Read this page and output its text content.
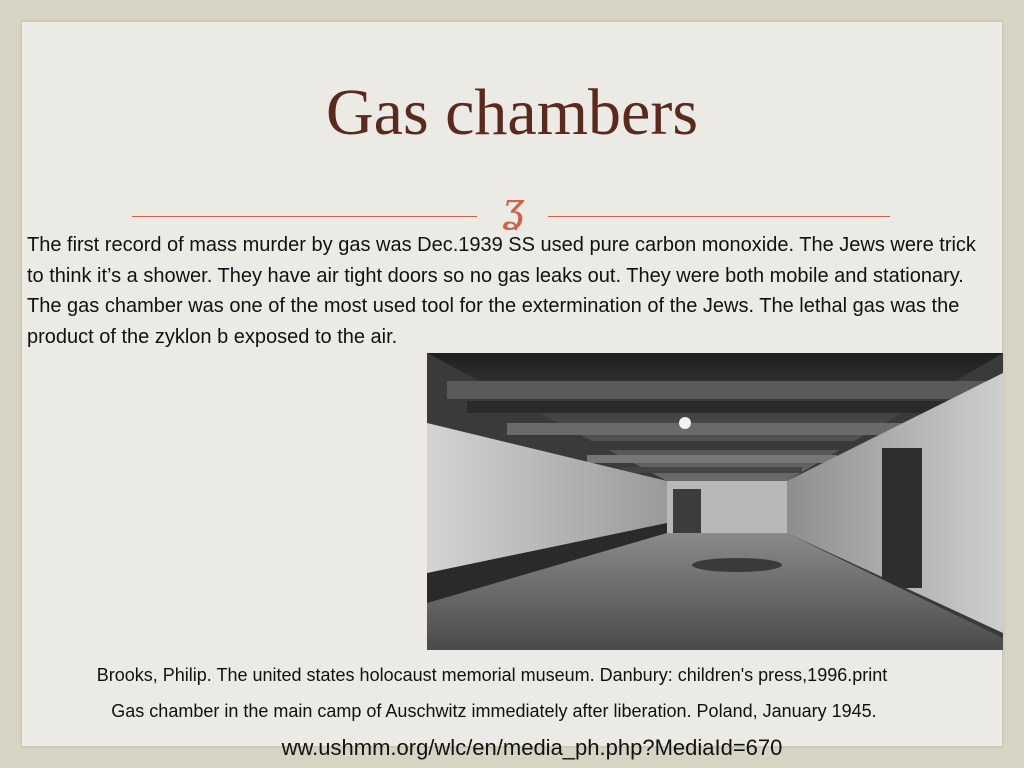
Gas chambers
ʓ
The first record of mass murder by gas was Dec.1939 SS used pure carbon monoxide. The Jews were trick to think it’s a shower. They have air tight doors so no gas leaks out. They were both mobile and stationary. The gas chamber was one of the most used tool for the extermination of the Jews. The lethal gas was the product of the zyklon b exposed to the air.
Brooks, Philip. The united states holocaust memorial museum. Danbury: children's press,1996.print
Gas chamber in the main camp of Auschwitz immediately after liberation. Poland, January 1945.
ww.ushmm.org/wlc/en/media_ph.php?MediaId=670
